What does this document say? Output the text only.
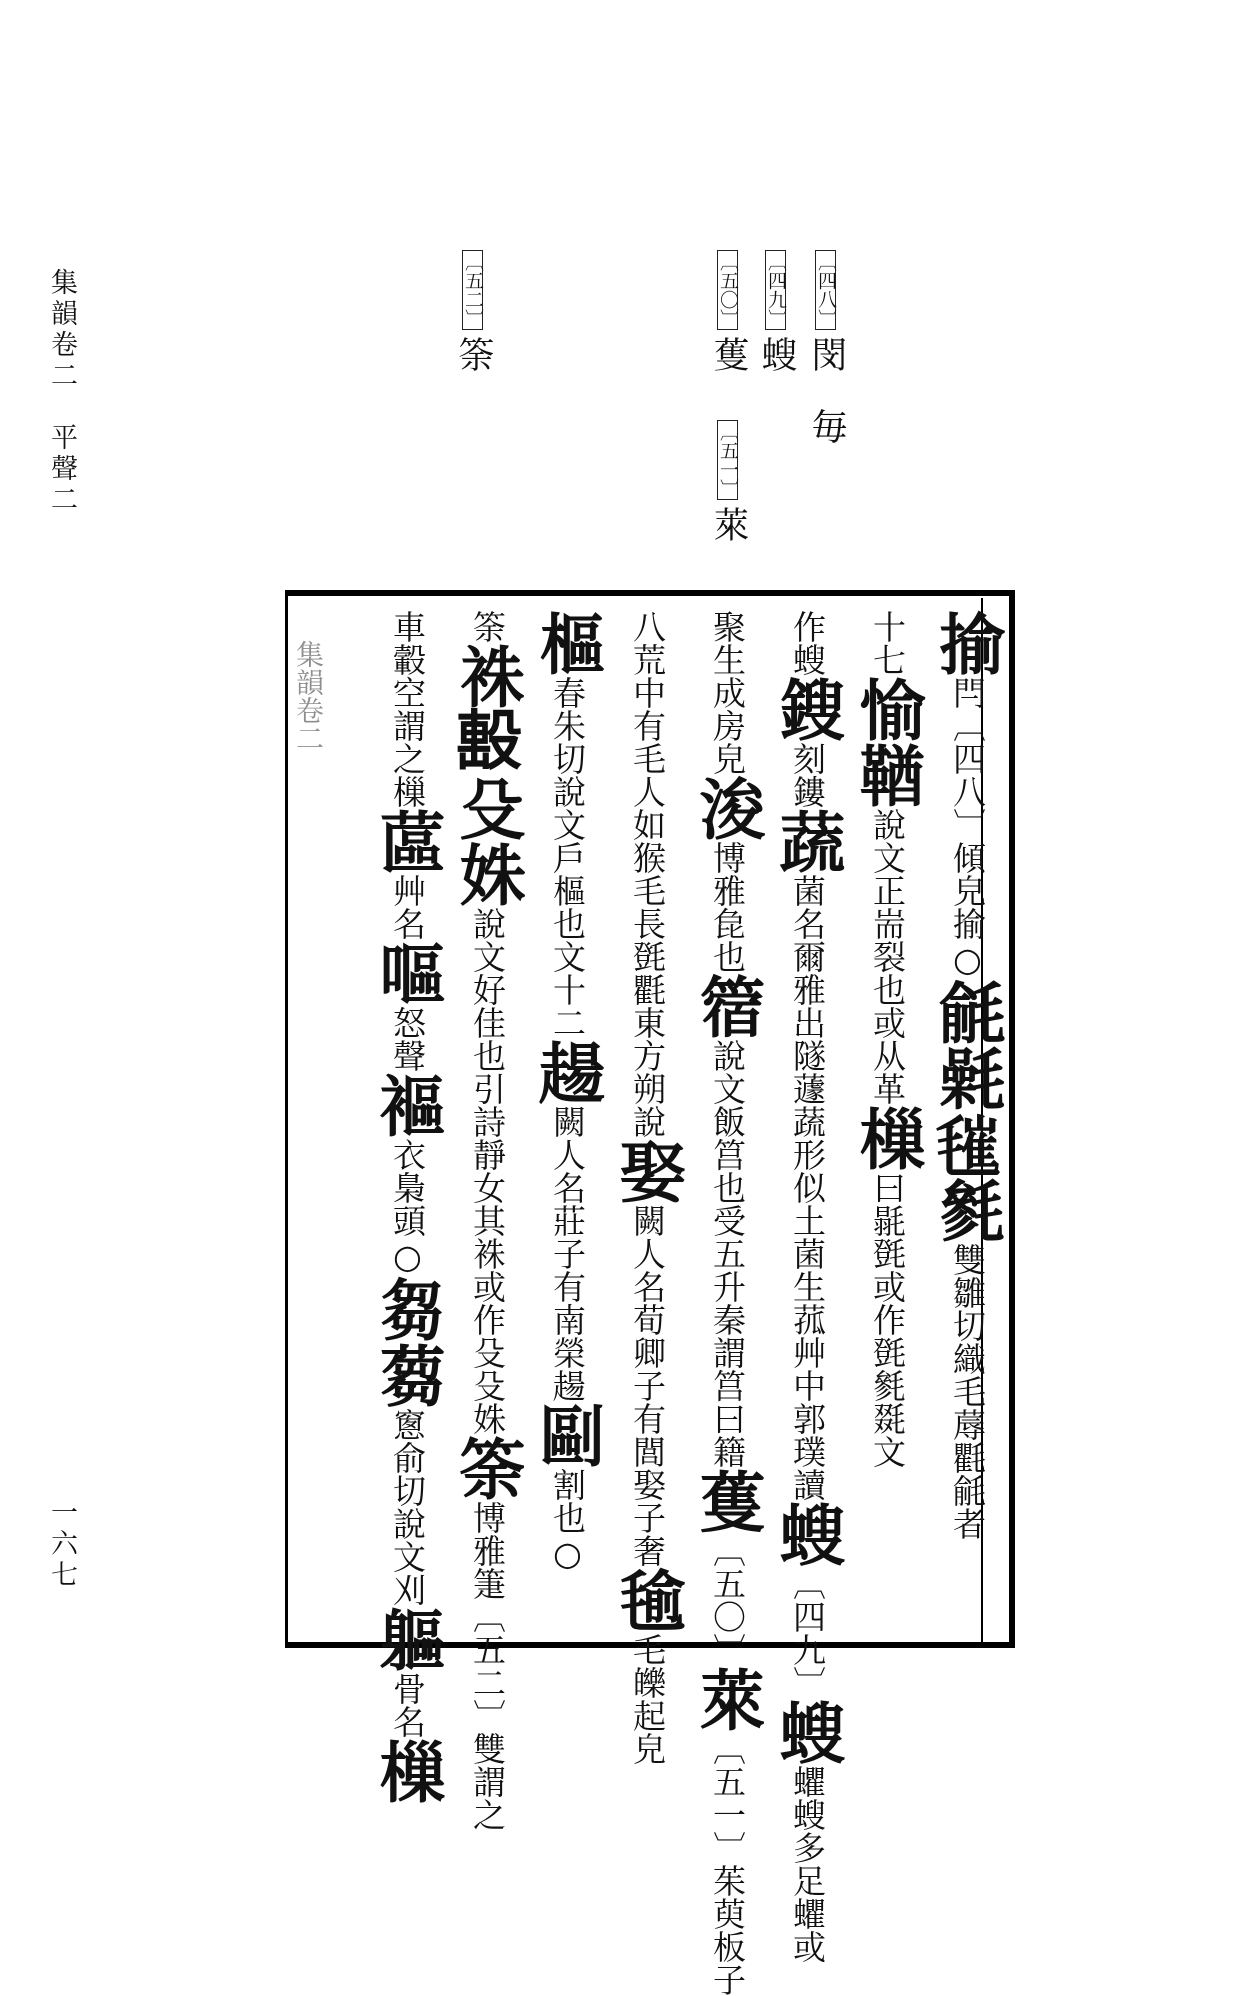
集韻卷二　平聲二
一六七
〔四八〕閔　毎
〔四九〕螋
〔五〇〕蒦
〔五一〕萊
〔五二〕筡
集韻卷二	揄閂〔四八〕傾皃揄○毹氉𣯧毿雙雛切織毛蓐氍毹者
十七愉鞧說文正耑裂也或从革樔曰毾㲪或作㲪毿毲文
作螋鎪刻鏤蔬菌名爾雅出隧蘧蔬形似土菌生菰艸中郭璞讀螋〔四九〕螋蠷螋多足蠷或
聚生成房皃浚博雅㲋也䈹說文飯筥也受五升秦謂筥曰籍蒦〔五〇〕萊〔五一〕茱萸板子
八荒中有毛人如猴毛長㲪氍東方朔說娶闕人名荀卿子有閭娶子奢毺毛皪起皃
樞春朱切說文戶樞也文十二𧼮闕人名莊子有南榮𧼮剾割也○
筡袾𣪠殳姝說文好佳也引詩靜女其袾或作殳殳姝筡博雅箑〔五二〕雙謂之
車轂空謂之樔蓲艸名嘔怒聲䙔衣梟頭○芻蒭窻俞切說文刈軀骨名樔
